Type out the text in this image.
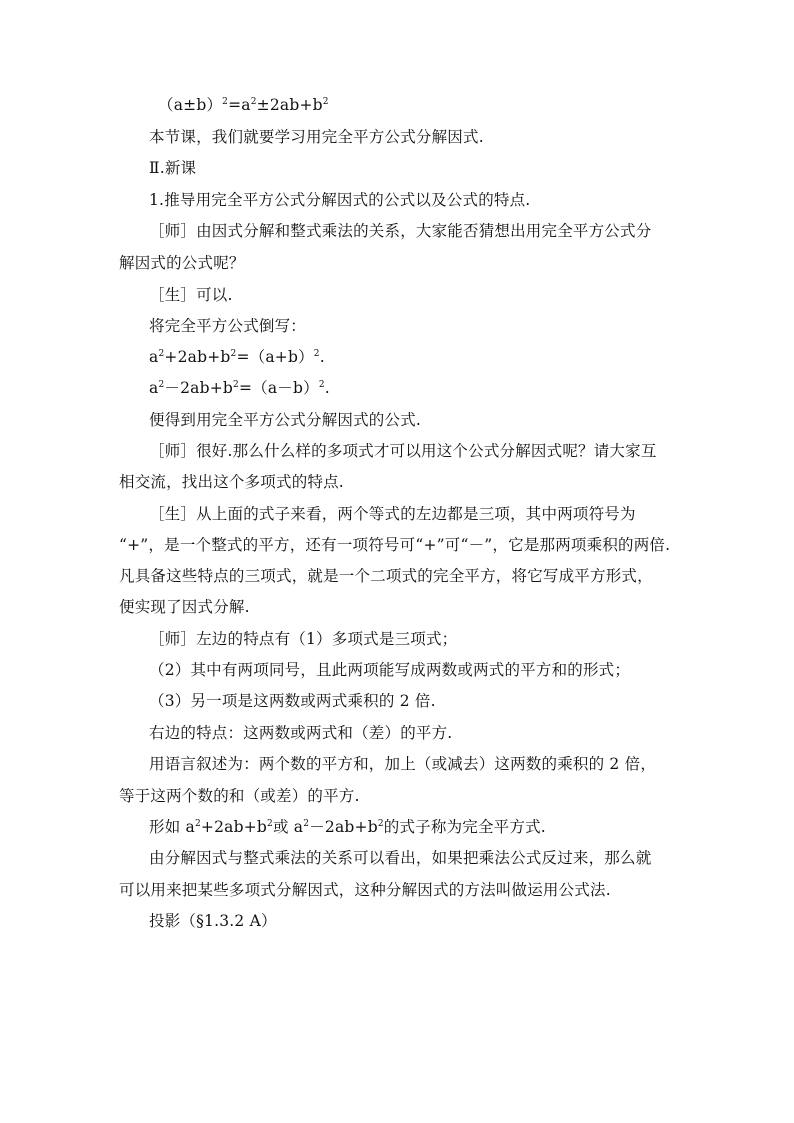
$(a\pm b)^2=a^2\pm 2ab+b^2$
本节课，我们就要学习用完全平方公式分解因式.
Ⅱ.新课
1.推导用完全平方公式分解因式的公式以及公式的特点.
［师］由因式分解和整式乘法的关系，大家能否猜想出用完全平方公式分
解因式的公式呢？
［生］可以.
将完全平方公式倒写：
$a^2+2ab+b^2=(a+b)^2$.
$a^2-2ab+b^2=(a-b)^2$.
便得到用完全平方公式分解因式的公式.
［师］很好.那么什么样的多项式才可以用这个公式分解因式呢？请大家互
相交流，找出这个多项式的特点.
［生］从上面的式子来看，两个等式的左边都是三项，其中两项符号为
“+”，是一个整式的平方，还有一项符号可“+”可“－”，它是那两项乘积的两倍.
凡具备这些特点的三项式，就是一个二项式的完全平方，将它写成平方形式，
便实现了因式分解.
［师］左边的特点有（1）多项式是三项式；
（2）其中有两项同号，且此两项能写成两数或两式的平方和的形式；
（3）另一项是这两数或两式乘积的 2 倍.
右边的特点：这两数或两式和（差）的平方.
用语言叙述为：两个数的平方和，加上（或减去）这两数的乘积的 2 倍，
等于这两个数的和（或差）的平方.
形如 $a^2+2ab+b^2$或 $a^2-2ab+b^2$的式子称为完全平方式.
由分解因式与整式乘法的关系可以看出，如果把乘法公式反过来，那么就
可以用来把某些多项式分解因式，这种分解因式的方法叫做运用公式法.
投影（§1.3.2 A）
